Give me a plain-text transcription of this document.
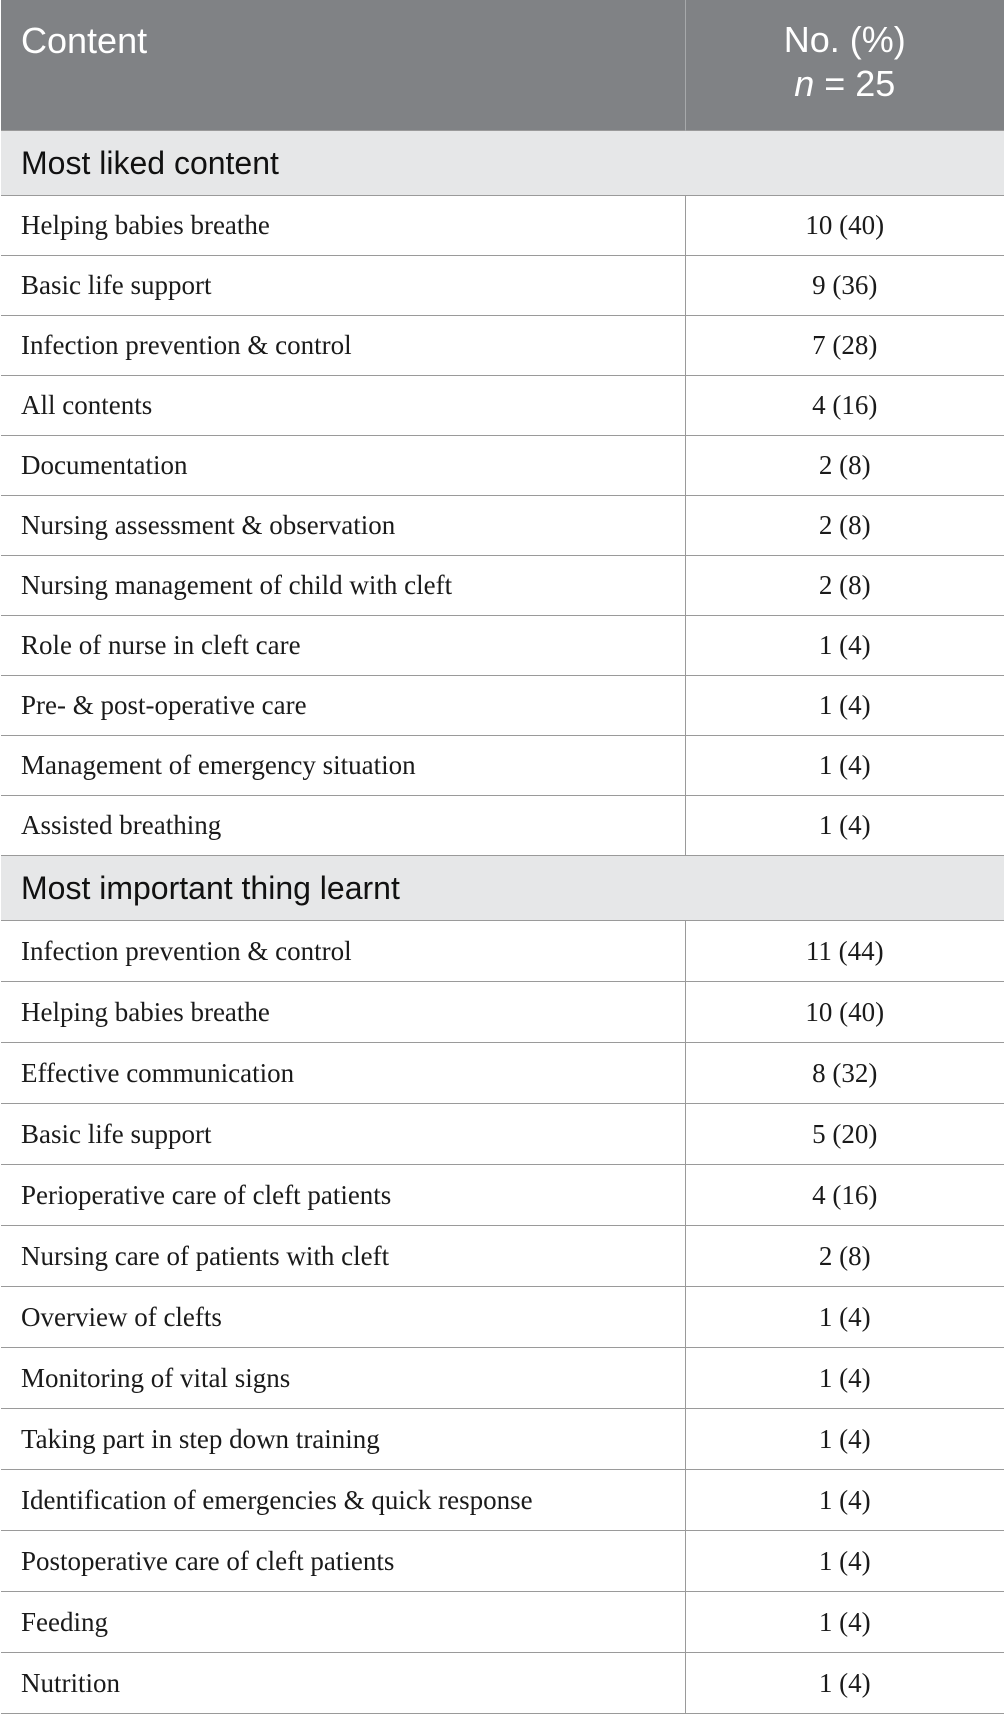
Content	No. (%)
n = 25

Most liked content	
Helping babies breathe	10 (40)
Basic life support	9 (36)
Infection prevention & control	7 (28)
All contents	4 (16)
Documentation	2 (8)
Nursing assessment & observation	2 (8)
Nursing management of child with cleft	2 (8)
Role of nurse in cleft care	1 (4)
Pre- & post-operative care	1 (4)
Management of emergency situation	1 (4)
Assisted breathing	1 (4)
Most important thing learnt	
Infection prevention & control	11 (44)
Helping babies breathe	10 (40)
Effective communication	8 (32)
Basic life support	5 (20)
Perioperative care of cleft patients	4 (16)
Nursing care of patients with cleft	2 (8)
Overview of clefts	1 (4)
Monitoring of vital signs	1 (4)
Taking part in step down training	1 (4)
Identification of emergencies & quick response	1 (4)
Postoperative care of cleft patients	1 (4)
Feeding	1 (4)
Nutrition	1 (4)
